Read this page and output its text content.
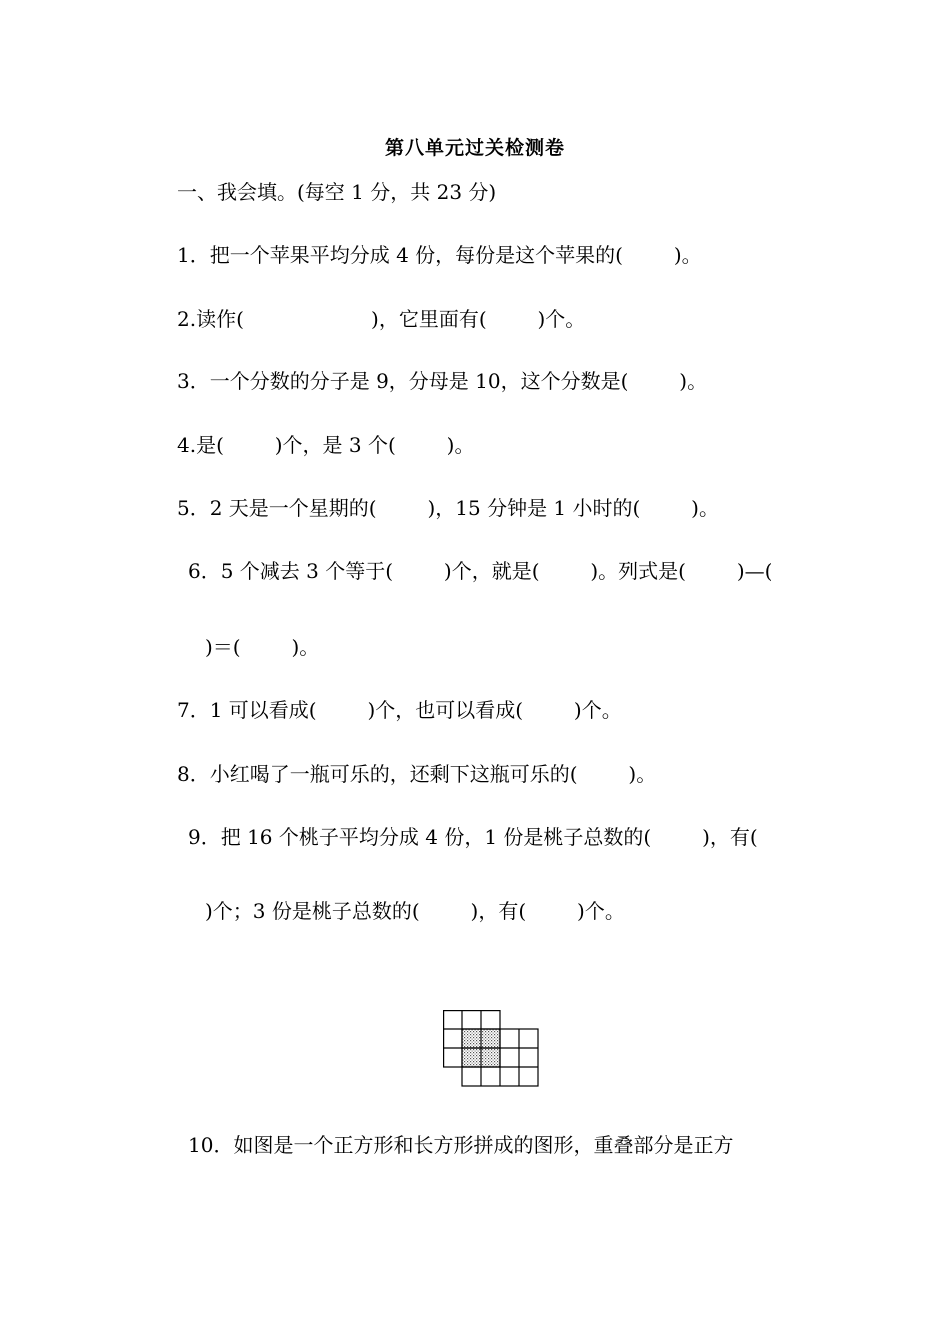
第八单元过关检测卷
一、我会填。(每空 1 分，共 23 分)
1．把一个苹果平均分成 4 份，每份是这个苹果的(        )。
2.读作(                    )，它里面有(        )个。
3．一个分数的分子是 9，分母是 10，这个分数是(        )。
4.是(        )个，是 3 个(        )。
5．2 天是一个星期的(        )，15 分钟是 1 小时的(        )。
6．5 个减去 3 个等于(        )个，就是(        )。列式是(        )—(
)＝(        )。
7．1 可以看成(        )个，也可以看成(        )个。
8．小红喝了一瓶可乐的，还剩下这瓶可乐的(        )。
9．把 16 个桃子平均分成 4 份，1 份是桃子总数的(        )，有(
)个；3 份是桃子总数的(        )，有(        )个。
10．如图是一个正方形和长方形拼成的图形，重叠部分是正方
